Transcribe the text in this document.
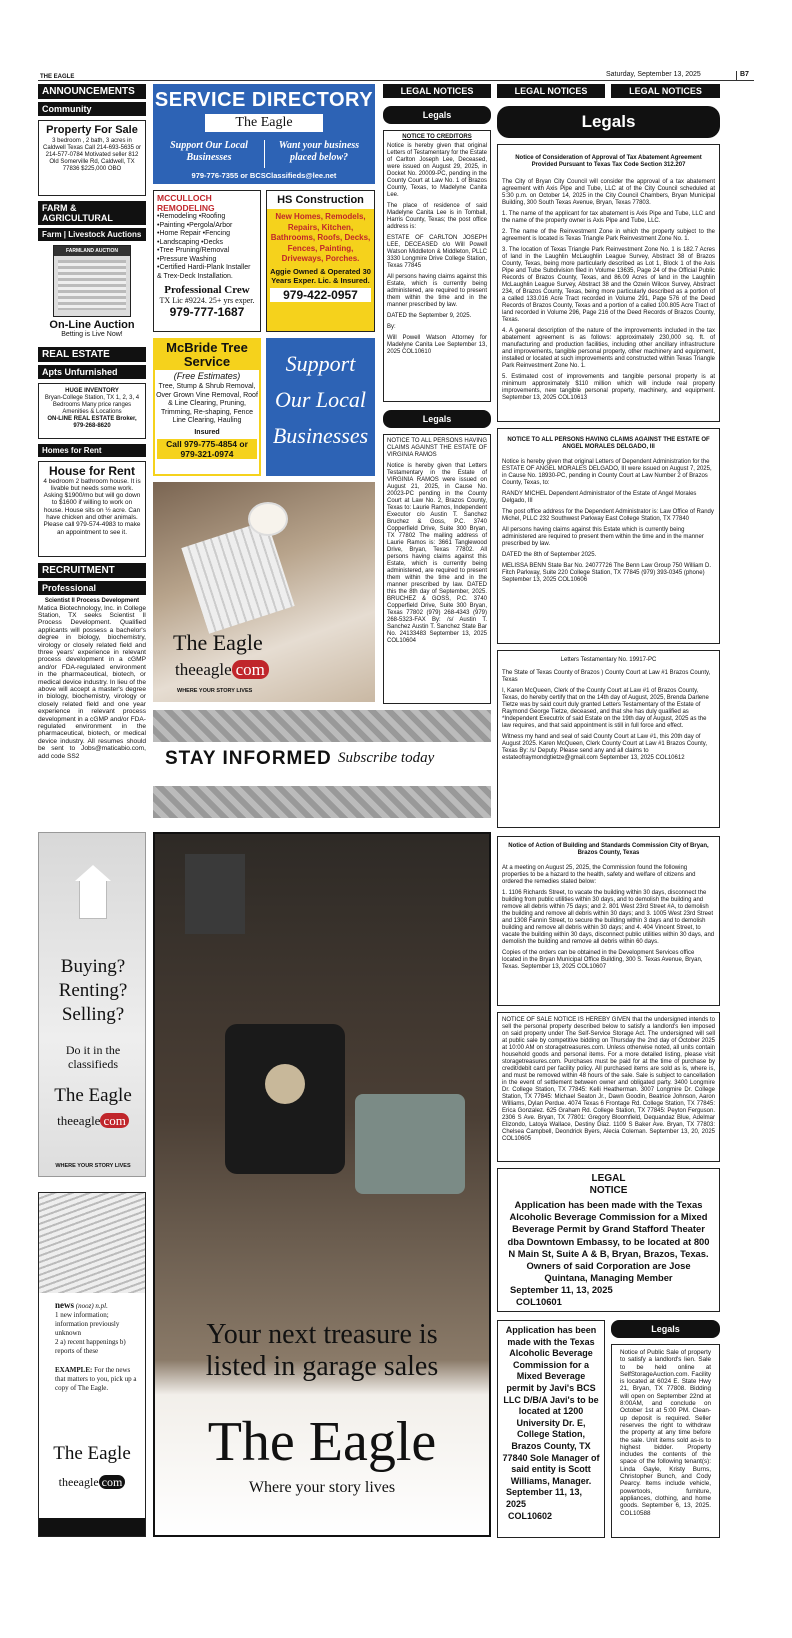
THE EAGLE	Saturday, September 13, 2025	B7
ANNOUNCEMENTS
Community
Property For Sale
3 bedroom , 2 bath, 3 acres in Caldwell Texas Call 214-693-5635 or 214-577-0784 Motivated seller 812 Old Somerville Rd, Caldwell, TX 77836 $225,000 OBO
FARM & AGRICULTURAL
Farm | Livestock Auctions
FARMLAND AUCTION
On-Line Auction
Betting is Live Now!
REAL ESTATE
Apts Unfurnished
HUGE INVENTORY
Bryan-College Station, TX 1, 2, 3, 4 Bedrooms Many price ranges Amenities & Locations
ON-LINE REAL ESTATE Broker, 979-268-8620
Homes for Rent
House for Rent
4 bedroom 2 bathroom house. It is livable but needs some work. Asking $1900/mo but will go down to $1600 if willing to work on house. House sits on ½ acre. Can have chicken and other animals. Please call 979-574-4983 to make an appointment to see it.
RECRUITMENT
Professional
Scientist II Process Development
Matica Biotechnology, Inc. in College Station, TX seeks Scientist II Process Development. Qualified applicants will possess a bachelor's degree in biology, biochemistry, virology or closely related field and three years' experience in relevant process development in a cGMP and/or FDA-regulated environment in the pharmaceutical, biotech, or medical device industry. In lieu of the above will accept a master's degree in biology, biochemistry, virology or closely related field and one year experience in relevant process development in a cGMP and/or FDA-regulated environment in the pharmaceutical, biotech, or medical device industry. All resumes should be sent to Jobs@maticabio.com, add code SS2
Buying?
Renting?
Selling?
Do it in the classifieds
The Eagle
theeagle com
WHERE YOUR STORY LIVES
news (nooz) n.pl.
1 new information; information previously unknown
2 a) recent happenings b) reports of these
EXAMPLE: For the news that matters to you, pick up a copy of The Eagle.
The Eagle
theeagle com
SERVICE DIRECTORY
The Eagle
Support Our Local Businesses
Want your business placed below?
979-776-7355 or BCSClassifieds@lee.net
MCCULLOCH REMODELING
•Remodeling •Roofing
•Painting •Pergola/Arbor
•Home Repair •Fencing
•Landscaping •Decks
•Tree Pruning/Removal
•Pressure Washing
•Certified Hardi-Plank Installer
& Trex-Deck Installation.
Professional Crew
TX Lic #9224. 25+ yrs exper.
979-777-1687
HS Construction
New Homes, Remodels, Repairs, Kitchen, Bathrooms, Roofs, Decks, Fences, Painting, Driveways, Porches.
Aggie Owned & Operated 30 Years Exper. Lic. & Insured.
979-422-0957
McBride Tree Service
(Free Estimates)
Tree, Stump & Shrub Removal, Over Grown Vine Removal, Roof & Line Clearing, Pruning, Trimming, Re-shaping, Fence Line Clearing, Hauling
Insured
Call 979-775-4854 or 979-321-0974
Support
Our Local
Businesses
The Eagle
theeagle com
WHERE YOUR STORY LIVES
STAY INFORMED Subscribe today
Your next treasure is
listed in garage sales
The Eagle
Where your story lives
LEGAL NOTICES	LEGAL NOTICES	LEGAL NOTICES
Legals
NOTICE TO CREDITORS

Notice is hereby given that original Letters of Testamentary for the Estate of Carlton Joseph Lee, Deceased, were issued on August 29, 2025, in Docket No. 20009-PC, pending in the County Court at Law No. 1 of Brazos County, Texas, to Madelyne Canita Lee.

The place of residence of said Madelyne Canita Lee is in Tomball, Harris County, Texas; the post office address is:

ESTATE OF CARLTON JOSEPH LEE, DECEASED c/o Will Powell Watson Middleton & Middleton, PLLC 3330 Longmire Drive College Station, Texas 77845

All persons having claims against this Estate, which is currently being administered, are required to present them within the time and in the manner prescribed by law.

DATED the September 9, 2025.

By:

Will Powell Watson Attorney for Madelyne Canita Lee September 13, 2025 COL10610

Legals

NOTICE TO ALL PERSONS HAVING CLAIMS AGAINST THE ESTATE OF VIRGINIA RAMOS

Notice is hereby given that Letters Testamentary in the Estate of VIRGINIA RAMOS were issued on August 21, 2025, in Cause No. 20023-PC pending in the County Court at Law No. 2, Brazos County, Texas to: Laurie Ramos, Independent Executor c/o Austin T. Sanchez Bruchez & Goss, P.C. 3740 Copperfield Drive, Suite 300 Bryan, TX 77802 The mailing address of Laurie Ramos is: 3661 Tanglewood Drive, Bryan, Texas 77802. All persons having claims against this Estate, which is currently being administered, are required to present them within the time and in the manner prescribed by law. DATED this the 8th day of September, 2025. BRUCHEZ & GOSS, P.C. 3740 Copperfield Drive, Suite 300 Bryan, Texas 77802 (979) 268-4343 (979) 268-5323-FAX By: /s/ Austin T. Sanchez Austin T. Sanchez State Bar No. 24133483 September 13, 2025 COL10604

Legals
Notice of Consideration of Approval of Tax Abatement Agreement Provided Pursuant to Texas Tax Code Section 312.207

The City of Bryan City Council will consider the approval of a tax abatement agreement with Axis Pipe and Tube, LLC at of the City Council scheduled at 5:30 p.m. on October 14, 2025 in the City Council Chambers, Bryan Municipal Building, 300 South Texas Avenue, Bryan, Texas 77803.

1. The name of the applicant for tax abatement is Axis Pipe and Tube, LLC and the name of the property owner is Axis Pipe and Tube, LLC.

2. The name of the Reinvestment Zone in which the property subject to the agreement is located is Texas Triangle Park Reinvestment Zone No. 1.

3. The location of Texas Triangle Park Reinvestment Zone No. 1 is 182.7 Acres of land in the Laughlin McLaughlin League Survey, Abstract 38 of Brazos County, Texas, being more particularly described as Lot 1, Block 1 of the Axis Pipe and Tube Subdivision filed in Volume 13635, Page 24 of the Official Public Records of Brazos County, Texas, and 86.09 Acres of land in the Laughlin McLaughlin League Survey, Abstract 38 and the Ozwin Wilcox Survey, Abstract 234, of Brazos County, Texas, being more particularly described as a portion of a called 133.016 Acre Tract recorded in Volume 291, Page 576 of the Deed Records of Brazos County, Texas and a portion of a called 100.805 Acre Tract of land recorded in Volume 296, Page 216 of the Deed Records of Brazos County, Texas.

4. A general description of the nature of the improvements included in the tax abatement agreement is as follows: approximately 230,000 sq. ft. of manufacturing and production facilities, including other ancillary infrastructure and improvements, tangible personal property, other machinery and equipment, installed or located at such improvements and constructed within Texas Triangle Park Reinvestment Zone No. 1.

5. Estimated cost of improvements and tangible personal property is at minimum approximately $110 million which will include real property improvements, new tangible personal property, machinery, and equipment. September 13, 2025 COL10613

NOTICE TO ALL PERSONS HAVING CLAIMS AGAINST THE ESTATE OF ANGEL MORALES DELGADO, III

Notice is hereby given that original Letters of Dependent Administration for the ESTATE OF ANGEL MORALES DELGADO, III were issued on August 7, 2025, in Cause No. 18930-PC, pending in County Court at Law Number 2 of Brazos County, Texas, to:

RANDY MICHEL Dependent Administrator of the Estate of Angel Morales Delgado, III

The post office address for the Dependent Administrator is: Law Office of Randy Michel, PLLC 232 Southwest Parkway East College Station, TX 77840

All persons having claims against this Estate which is currently being administered are required to present them within the time and in the manner prescribed by law.

DATED the 8th of September 2025.

MELISSA BENN State Bar No. 24077726 The Benn Law Group 750 William D. Fitch Parkway, Suite 220 College Station, TX 77845 (979) 393-0345 (phone) September 13, 2025 COL10606

Letters Testamentary No. 19917-PC

The State of Texas County of Brazos ) County Court at Law #1 Brazos County, Texas

I, Karen McQueen, Clerk of the County Court at Law #1 of Brazos County, Texas, do hereby certify that on the 14th day of August, 2025, Brenda Darlene Tietze was by said court duly granted Letters Testamentary of the Estate of Raymond George Tietze, deceased, and that she has duly qualified as *Independent Executrix of said Estate on the 19th day of August, 2025 as the law requires, and that said appointment is still in full force and effect.

Witness my hand and seal of said County Court at Law #1, this 20th day of August 2025. Karen McQueen, Clerk County Court at Law #1 Brazos County, Texas By: /s/ Deputy. Please send any and all claims to estateofraymondgtietze@gmail.com September 13, 2025 COL10612

Notice of Action of Building and Standards Commission City of Bryan, Brazos County, Texas

At a meeting on August 25, 2025, the Commission found the following properties to be a hazard to the health, safety and welfare of citizens and ordered the remedies stated below:

1. 1106 Richards Street, to vacate the building within 30 days, disconnect the building from public utilities within 30 days, and to demolish the building and remove all debris within 75 days; and 2. 801 West 23rd Street #A, to demolish the building and remove all debris within 30 days; and 3. 1005 West 23rd Street and 1308 Fannin Street, to secure the building within 3 days and to demolish building and remove all debris within 30 days; and 4. 404 Vincent Street, to vacate the building within 30 days, disconnect public utilities within 30 days, and demolish the building and remove all debris within 60 days.

Copies of the orders can be obtained in the Development Services office located in the Bryan Municipal Office Building, 300 S. Texas Avenue, Bryan, Texas. September 13, 2025 COL10607

NOTICE OF SALE NOTICE IS HEREBY GIVEN that the undersigned intends to sell the personal property described below to satisfy a landlord's lien imposed on said property under The Self-Service Storage Act. The undersigned will sell at public sale by competitive bidding on Thursday the 2nd day of October 2025 at 10:00 AM on storagetreasures.com. Unless otherwise noted, all units contain household goods and personal items. For a more detailed listing, please visit storagetreasures.com. Purchases must be paid for at the time of purchase by credit/debit card per facility policy. All purchased items are sold as is, where is, and must be removed within 48 hours of the sale. Sale is subject to cancellation in the event of settlement between owner and obligated party. 3400 Longmire Dr. College Station, TX 77845: Kelli Heatherman. 3007 Longmire Dr. College Station, TX 77845: Michael Seaton Jr., Dawn Goodin, Beatrice Johnson, Aaron Williams, Dylan Perdue. 4074 Texas 6 Frontage Rd. College Station, TX 77845: Erica Gonzalez. 625 Graham Rd. College Station, TX 77845: Peyton Ferguson. 2306 S Ave. Bryan, TX 77801: Gregory Bloomfield, Dequandaz Blue, Adelmar Elizondo, Latoya Wallace, Destiny Diaz. 1109 S Baker Ave. Bryan, TX 77803: Chelsea Campbell, Deondrick Byers, Alecia Coleman. September 13, 20, 2025 COL10605

LEGAL NOTICE
Application has been made with the Texas Alcoholic Beverage Commission for a Mixed Beverage Permit by Grand Stafford Theater dba Downtown Embassy, to be located at 800 N Main St, Suite A & B, Bryan, Brazos, Texas. Owners of said Corporation are Jose Quintana, Managing Member
September 11, 13, 2025
COL10601
Application has been made with the Texas Alcoholic Beverage Commission for a Mixed Beverage permit by Javi's BCS LLC D/B/A Javi's to be located at 1200 University Dr. E, College Station, Brazos County, TX 77840 Sole Manager of said entity is Scott Williams, Manager.
September 11, 13, 2025
COL10602
Legals
Notice of Public Sale of property to satisfy a landlord's lien. Sale to be held online at SelfStorageAuction.com. Facility is located at 6024 E. State Hwy 21, Bryan, TX 77808. Bidding will open on September 22nd at 8:00AM, and conclude on October 1st at 5:00 PM. Clean-up deposit is required. Seller reserves the right to withdraw the property at any time before the sale. Unit items sold as-is to highest bidder. Property includes the contents of the space of the following tenant(s): Linda Gayle, Kristy Burns, Christopher Bunch, and Cody Pearcy. Items include vehicle, powertools, furniture, appliances, clothing, and home goods. September 6, 13, 2025. COL10588
